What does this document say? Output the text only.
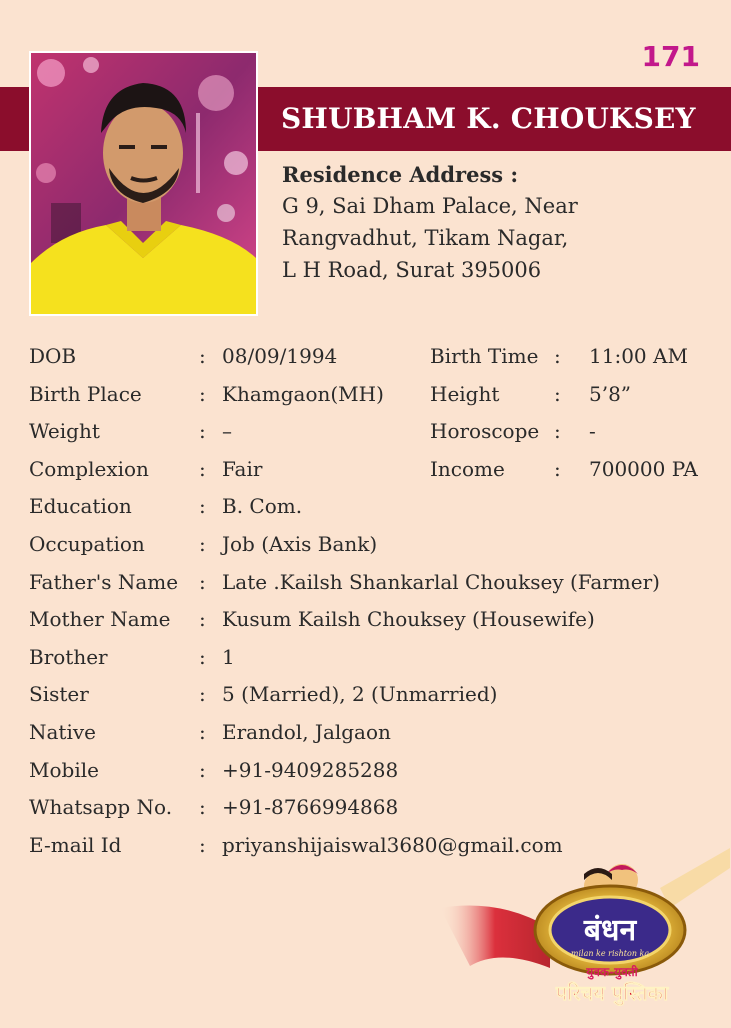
171
SHUBHAM K. CHOUKSEY
Residence Address :
G 9, Sai Dham Palace, Near
Rangvadhut, Tikam Nagar,
L H Road, Surat 395006
DOB	: 08/09/1994	Birth Time : 11:00 AM
Birth Place	: Khamgaon(MH) Height	: 5’8”
Weight	: –	Horoscope : -
Complexion	: Fair	Income : 700000 PA
Education	: B. Com.
Occupation	: Job (Axis Bank)
Father's Name : Late .Kailsh Shankarlal Chouksey (Farmer)
Mother Name : Kusum Kailsh Chouksey (Housewife)
Brother	: 1
Sister	: 5 (Married), 2 (Unmarried)
Native	: Erandol, Jalgaon
Mobile	: +91-9409285288
Whatsapp No. : +91-8766994868
E-mail Id	: priyanshijaiswal3680@gmail.com
बंधन
milan ke rishton ka
युवक-युवती
परिचय पुस्तिका
